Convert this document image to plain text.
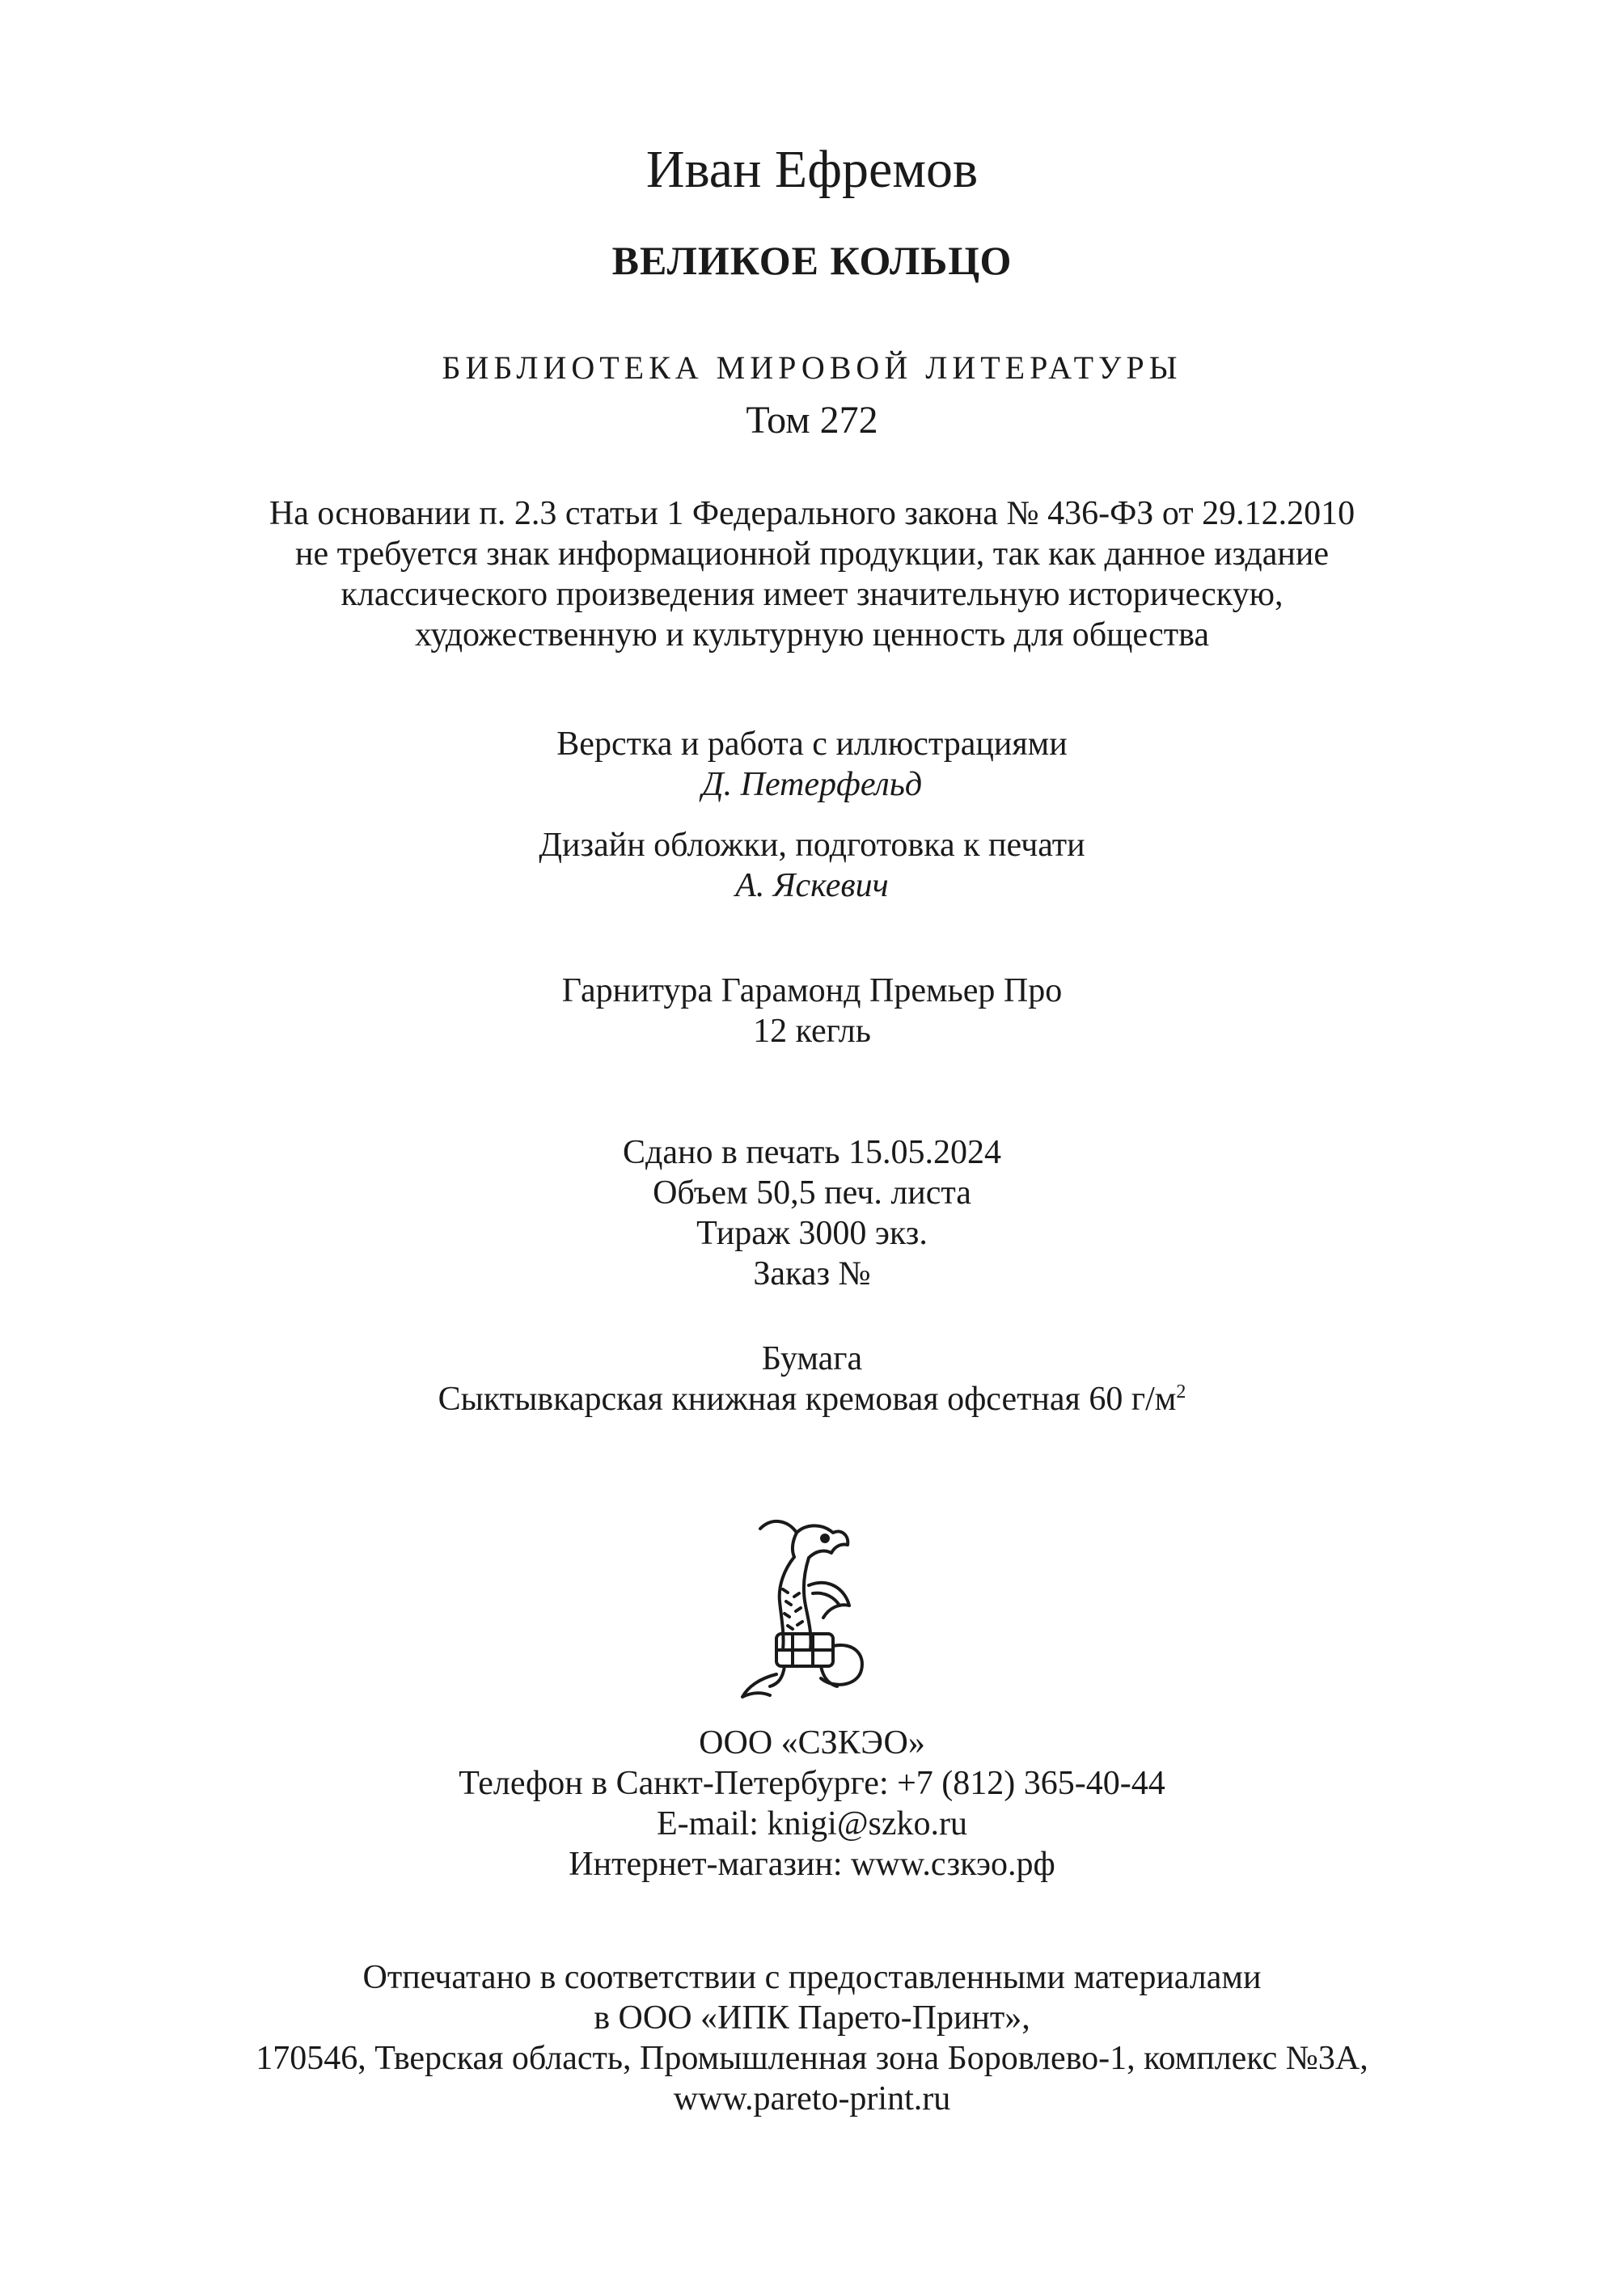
Иван Ефремов
ВЕЛИКОЕ КОЛЬЦО
БИБЛИОТЕКА МИРОВОЙ ЛИТЕРАТУРЫ
Том 272
На основании п. 2.3 статьи 1 Федерального закона № 436-ФЗ от 29.12.2010
не требуется знак информационной продукции, так как данное издание
классического произведения имеет значительную историческую,
художественную и культурную ценность для общества
Верстка и работа с иллюстрациями
Д. Петерфельд
Дизайн обложки, подготовка к печати
А. Яскевич
Гарнитура Гарамонд Премьер Про
12 кегль
Сдано в печать 15.05.2024
Объем 50,5 печ. листа
Тираж 3000 экз.
Заказ №
Бумага
Сыктывкарская книжная кремовая офсетная 60 $г/м^2$
ООО «СЗКЭО»
Телефон в Санкт-Петербурге: +7 (812) 365-40-44
E-mail: knigi@szko.ru
Интернет-магазин: www.сзкэо.рф
Отпечатано в соответствии с предоставленными материалами
в ООО «ИПК Парето-Принт»,
170546, Тверская область, Промышленная зона Боровлево-1, комплекс №3А,
www.pareto-print.ru
